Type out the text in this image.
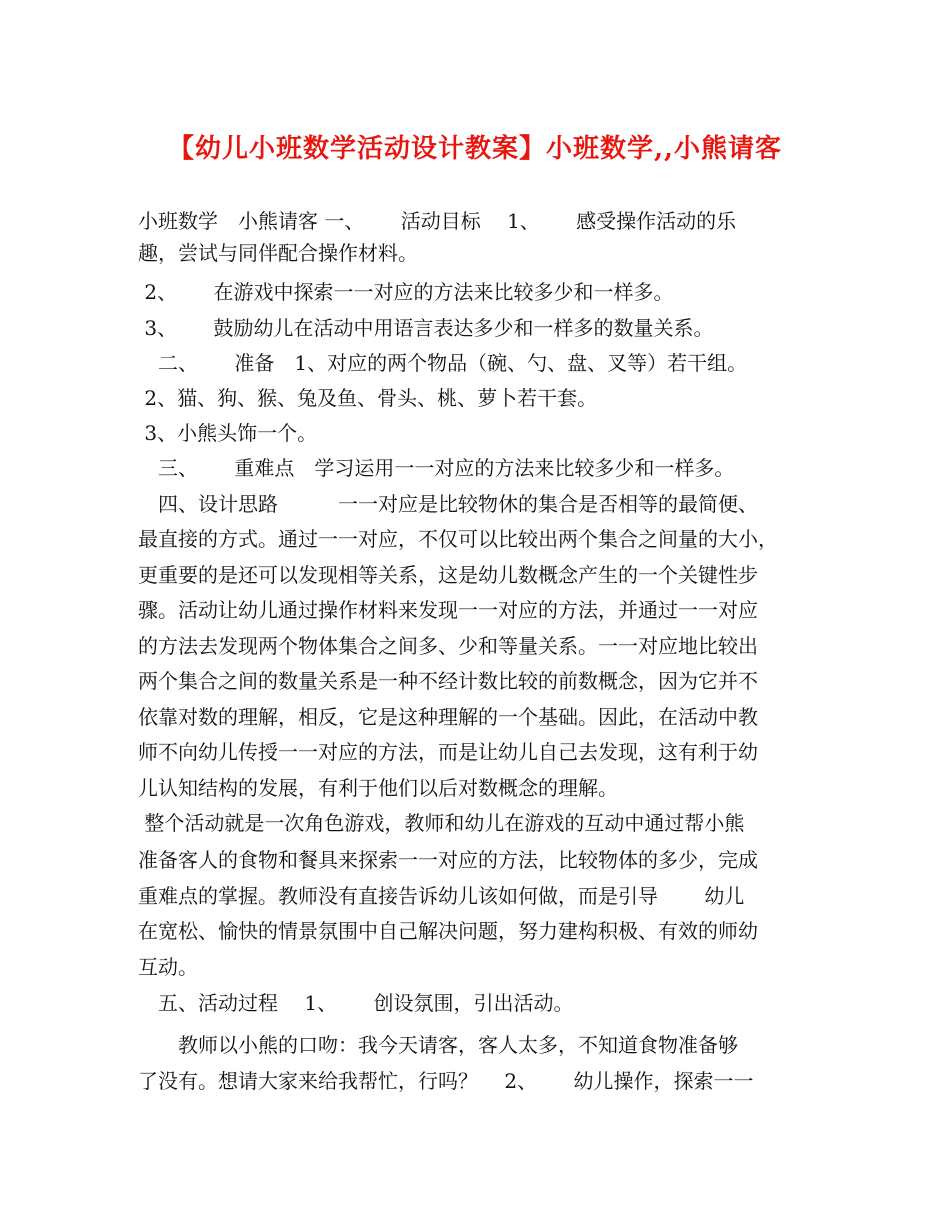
【幼儿小班数学活动设计教案】小班数学,,小熊请客
小班数学　小熊请客 一、　　 活动目标　 1、　　 感受操作活动的乐
趣，尝试与同伴配合操作材料。
2、　　 在游戏中探索一一对应的方法来比较多少和一样多。
3、　　 鼓励幼儿在活动中用语言表达多少和一样多的数量关系。
　二、　　 准备　1、对应的两个物品（碗、勺、盘、叉等）若干组。
2、猫、狗、猴、兔及鱼、骨头、桃、萝卜若干套。
3、小熊头饰一个。
　三、　　 重难点　学习运用一一对应的方法来比较多少和一样多。
　四、设计思路　　　一一对应是比较物休的集合是否相等的最简便、
最直接的方式。通过一一对应，不仅可以比较出两个集合之间量的大小，
更重要的是还可以发现相等关系，这是幼儿数概念产生的一个关键性步
骤。活动让幼儿通过操作材料来发现一一对应的方法，并通过一一对应
的方法去发现两个物体集合之间多、少和等量关系。一一对应地比较出
两个集合之间的数量关系是一种不经计数比较的前数概念，因为它并不
依靠对数的理解，相反，它是这种理解的一个基础。因此，在活动中教
师不向幼儿传授一一对应的方法，而是让幼儿自己去发现，这有利于幼
儿认知结构的发展，有利于他们以后对数概念的理解。
整个活动就是一次角色游戏，教师和幼儿在游戏的互动中通过帮小熊
准备客人的食物和餐具来探索一一对应的方法，比较物体的多少，完成
重难点的掌握。教师没有直接告诉幼儿该如何做，而是引导　　 幼儿
在宽松、愉快的情景氛围中自己解决问题，努力建构积极、有效的师幼
互动。
　五、活动过程　 1、　　 创设氛围，引出活动。
　　教师以小熊的口吻：我今天请客，客人太多，不知道食物准备够
了没有。想请大家来给我帮忙，行吗？　 2、　　 幼儿操作，探索一一
